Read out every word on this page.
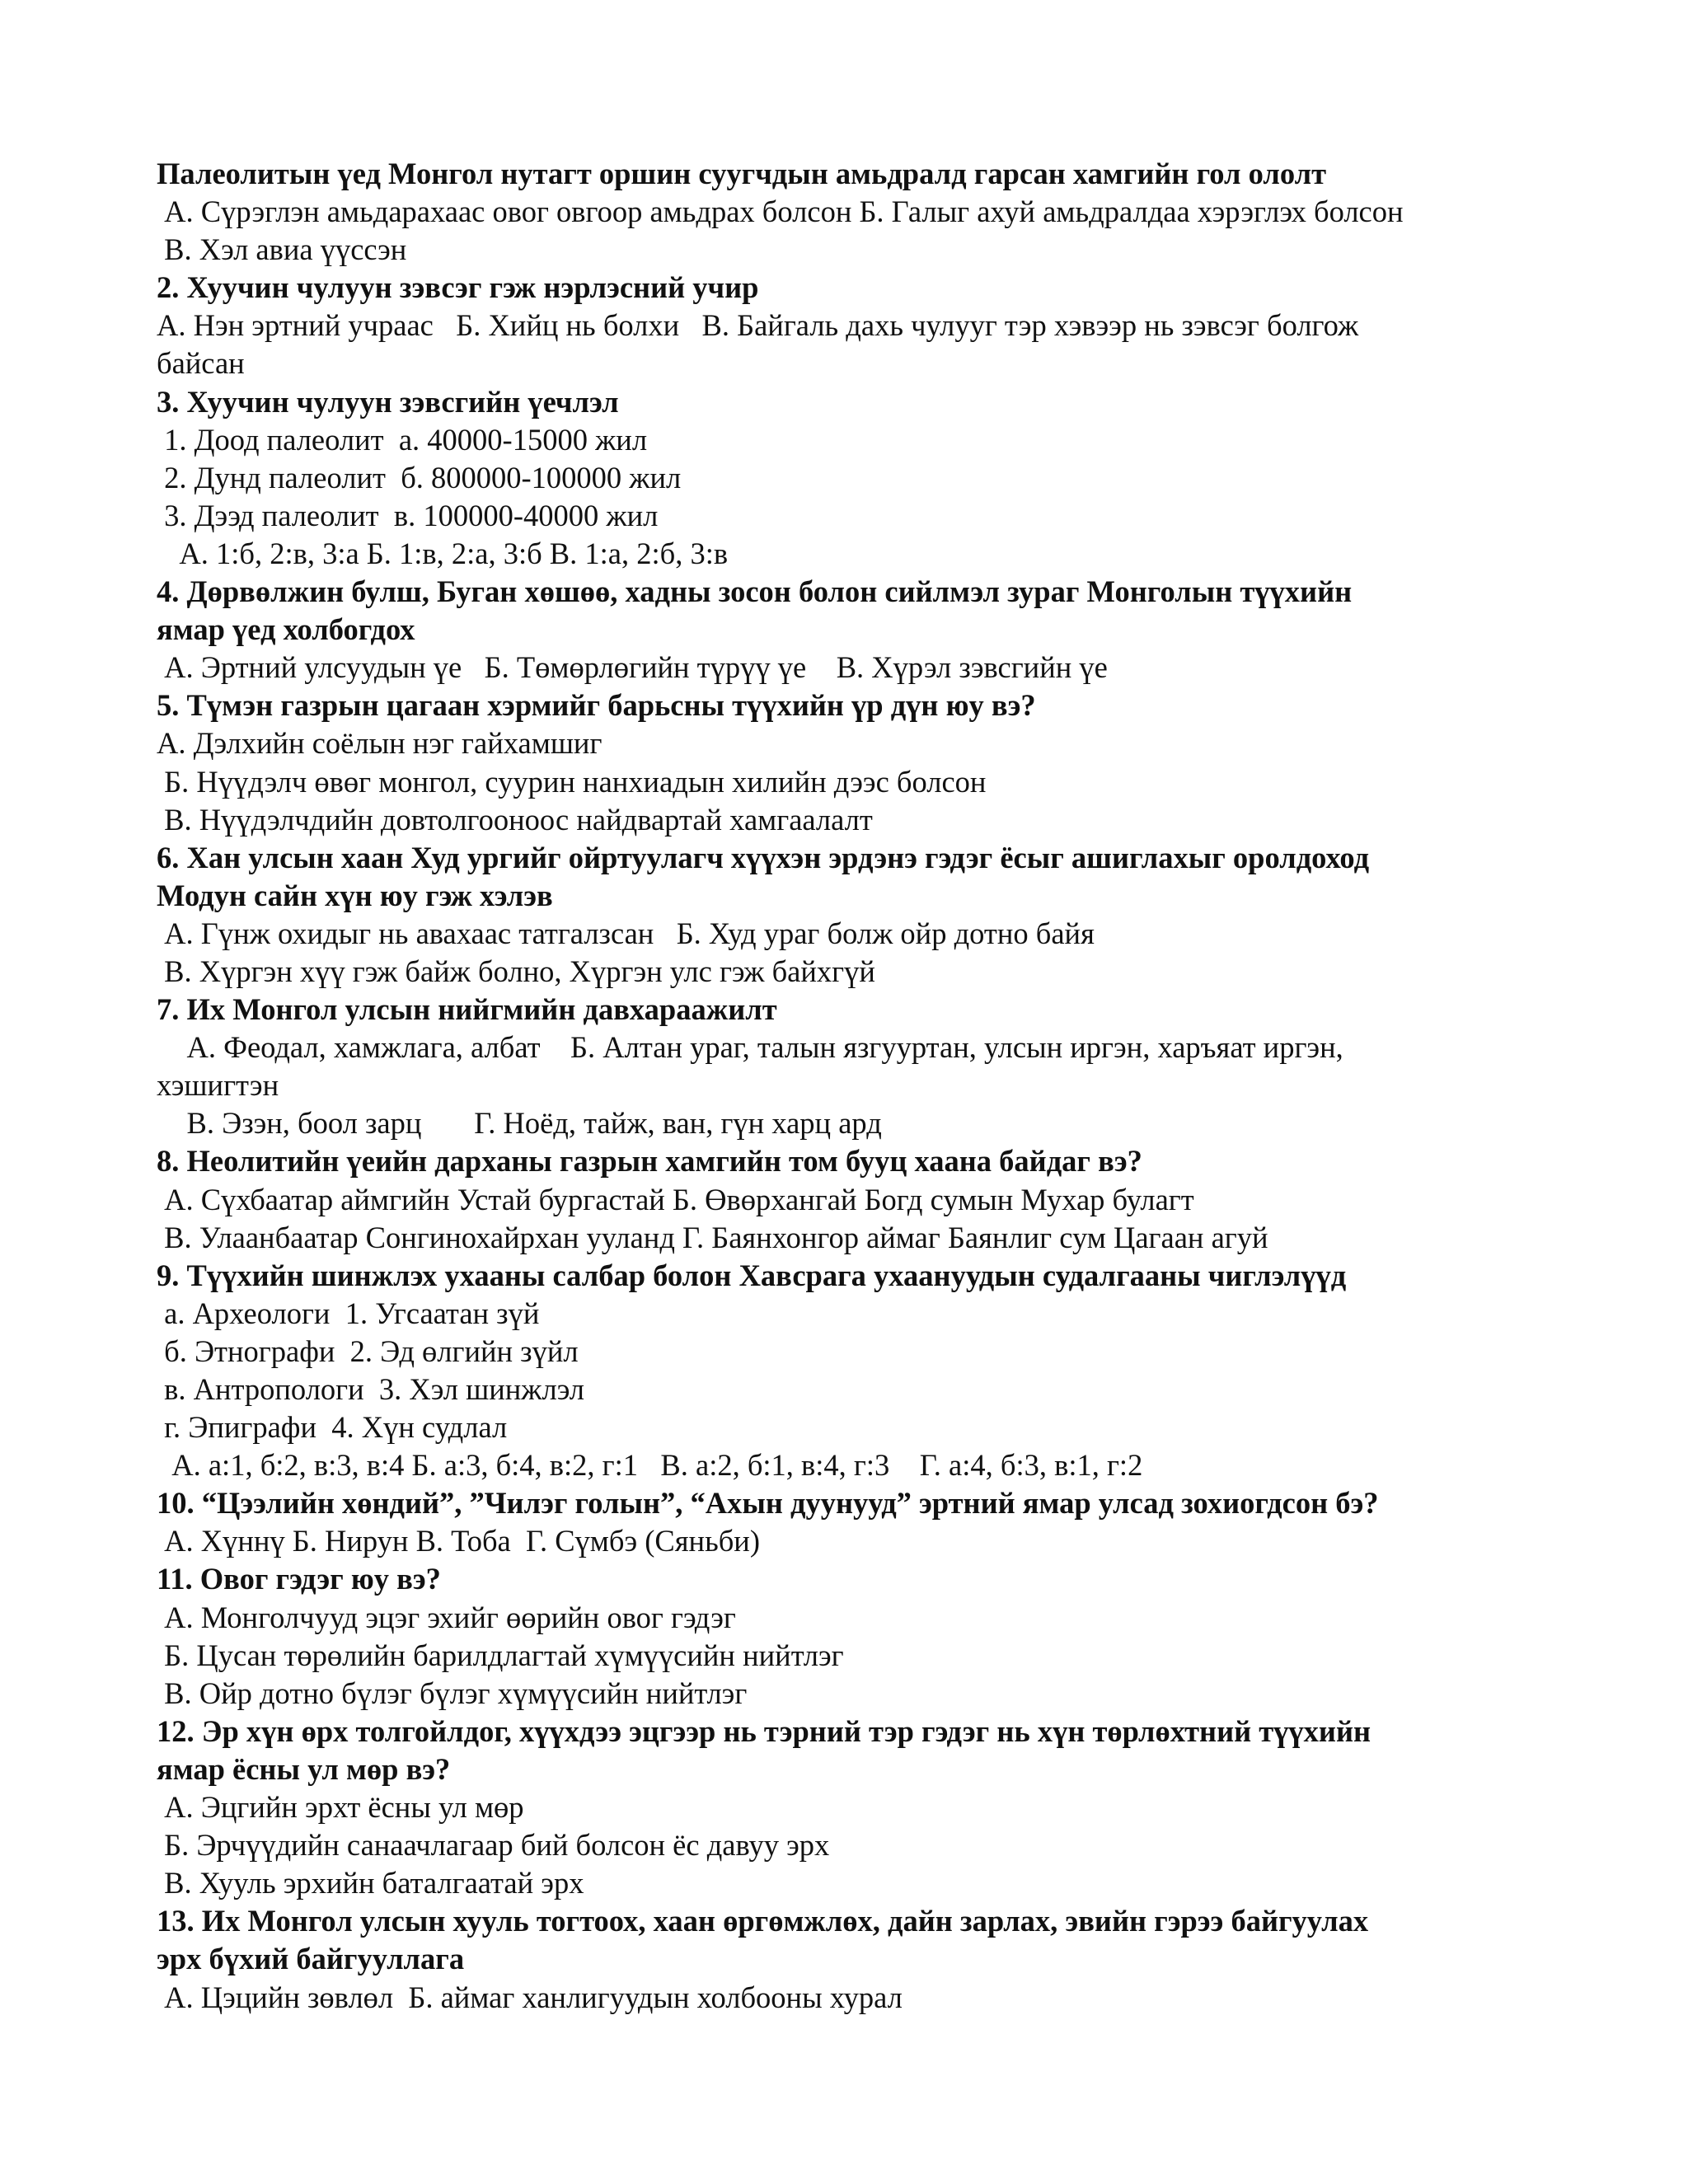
Палеолитын үед Монгол нутагт оршин суугчдын амьдралд гарсан хамгийн гол ололт
А. Сүрэглэн амьдарахаас овог овгоор амьдрах болсон Б. Галыг ахуй амьдралдаа хэрэглэх болсон
В. Хэл авиа үүссэн
2. Хуучин чулуун зэвсэг гэж нэрлэсний учир
А. Нэн эртний учраас   Б. Хийц нь болхи   В. Байгаль дахь чулууг тэр хэвээр нь зэвсэг болгож
байсан
3. Хуучин чулуун зэвсгийн үечлэл
1. Доод палеолит  а. 40000-15000 жил
2. Дунд палеолит  б. 800000-100000 жил
3. Дээд палеолит  в. 100000-40000 жил
А. 1:б, 2:в, 3:а Б. 1:в, 2:а, 3:б В. 1:а, 2:б, 3:в
4. Дөрвөлжин булш, Буган хөшөө, хадны зосон болон сийлмэл зураг Монголын түүхийн
ямар үед холбогдох
А. Эртний улсуудын үе   Б. Төмөрлөгийн түрүү үе    В. Хүрэл зэвсгийн үе
5. Түмэн газрын цагаан хэрмийг барьсны түүхийн үр дүн юу вэ?
А. Дэлхийн соёлын нэг гайхамшиг
Б. Нүүдэлч өвөг монгол, суурин нанхиадын хилийн дээс болсон
В. Нүүдэлчдийн довтолгооноос найдвартай хамгаалалт
6. Хан улсын хаан Худ ургийг ойртуулагч хүүхэн эрдэнэ гэдэг ёсыг ашиглахыг оролдоход
Модун сайн хүн юу гэж хэлэв
А. Гүнж охидыг нь авахаас татгалзсан   Б. Худ ураг болж ойр дотно байя
В. Хүргэн хүү гэж байж болно, Хүргэн улс гэж байхгүй
7. Их Монгол улсын нийгмийн давхараажилт
А. Феодал, хамжлага, албат    Б. Алтан ураг, талын язгууртан, улсын иргэн, харъяат иргэн,
хэшигтэн
В. Эзэн, боол зарц       Г. Ноёд, тайж, ван, гүн харц ард
8. Неолитийн үеийн дарханы газрын хамгийн том бууц хаана байдаг вэ?
А. Сүхбаатар аймгийн Устай бургастай Б. Өвөрхангай Богд сумын Мухар булагт
В. Улаанбаатар Сонгинохайрхан ууланд Г. Баянхонгор аймаг Баянлиг сум Цагаан агуй
9. Түүхийн шинжлэх ухааны салбар болон Хавсрага ухаануудын судалгааны чиглэлүүд
а. Археологи  1. Угсаатан зүй
б. Этнографи  2. Эд өлгийн зүйл
в. Антропологи  3. Хэл шинжлэл
г. Эпиграфи  4. Хүн судлал
А. а:1, б:2, в:3, в:4 Б. а:3, б:4, в:2, г:1   В. а:2, б:1, в:4, г:3    Г. а:4, б:3, в:1, г:2
10. “Цээлийн хөндий”, ”Чилэг голын”, “Ахын дуунууд” эртний ямар улсад зохиогдсон бэ?
А. Хүннү Б. Нирун В. Тоба  Г. Сүмбэ (Сяньби)
11. Овог гэдэг юу вэ?
А. Монголчууд эцэг эхийг өөрийн овог гэдэг
Б. Цусан төрөлийн барилдлагтай хүмүүсийн нийтлэг
В. Ойр дотно бүлэг бүлэг хүмүүсийн нийтлэг
12. Эр хүн өрх толгойлдог, хүүхдээ эцгээр нь тэрний тэр гэдэг нь хүн төрлөхтний түүхийн
ямар ёсны ул мөр вэ?
А. Эцгийн эрхт ёсны ул мөр
Б. Эрчүүдийн санаачлагаар бий болсон ёс давуу эрх
В. Хууль эрхийн баталгаатай эрх
13. Их Монгол улсын хууль тогтоох, хаан өргөмжлөх, дайн зарлах, эвийн гэрээ байгуулах
эрх бүхий байгууллага
А. Цэцийн зөвлөл  Б. аймаг ханлигуудын холбооны хурал
